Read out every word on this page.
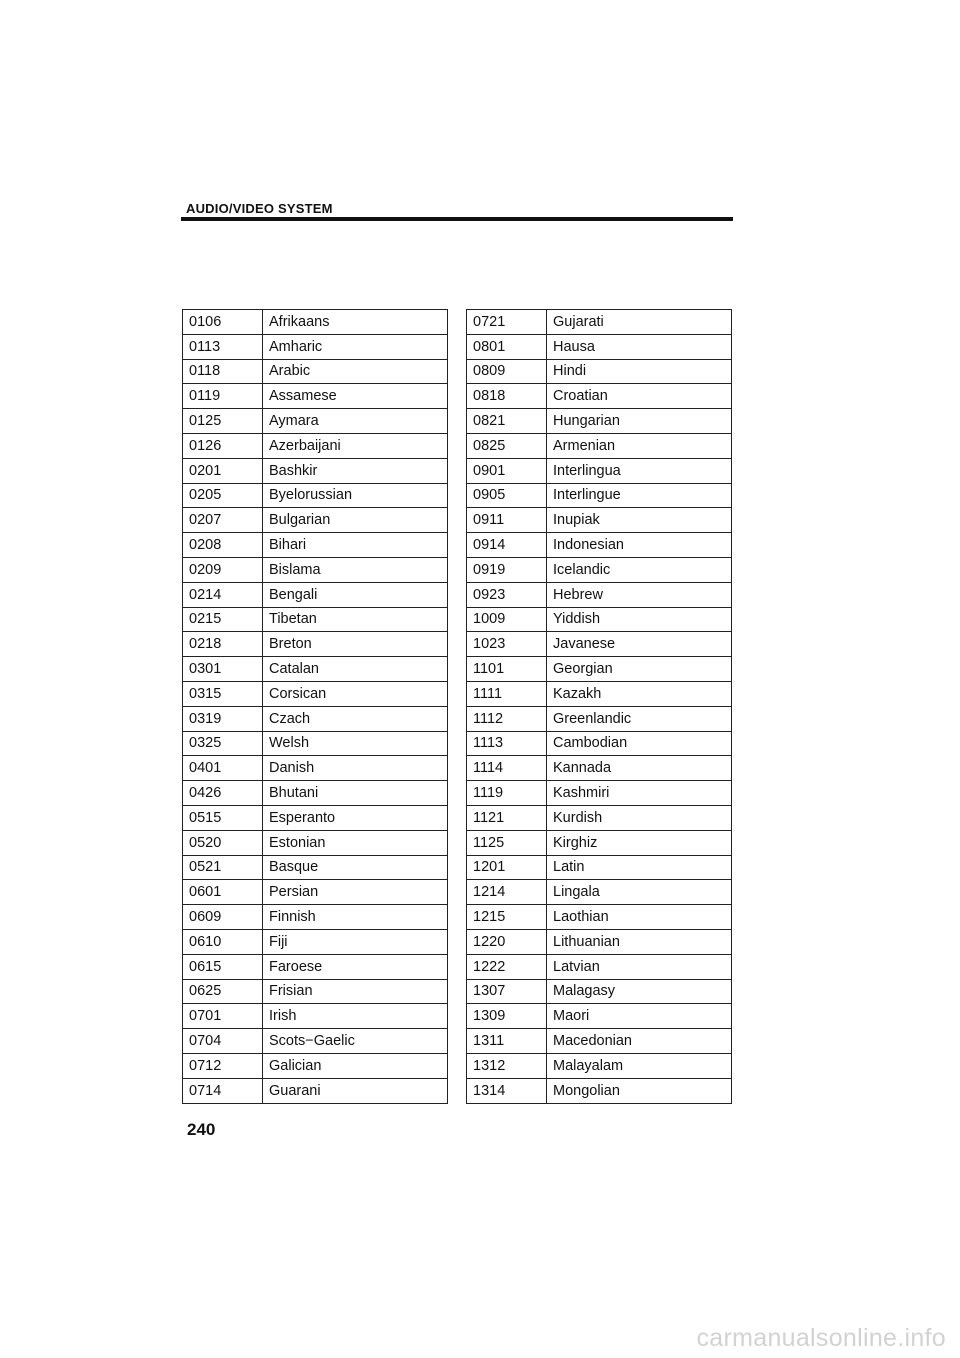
AUDIO/VIDEO SYSTEM
0106	Afrikaans
0113	Amharic
0118	Arabic
0119	Assamese
0125	Aymara
0126	Azerbaijani
0201	Bashkir
0205	Byelorussian
0207	Bulgarian
0208	Bihari
0209	Bislama
0214	Bengali
0215	Tibetan
0218	Breton
0301	Catalan
0315	Corsican
0319	Czach
0325	Welsh
0401	Danish
0426	Bhutani
0515	Esperanto
0520	Estonian
0521	Basque
0601	Persian
0609	Finnish
0610	Fiji
0615	Faroese
0625	Frisian
0701	Irish
0704	Scots−Gaelic
0712	Galician
0714	Guarani
0721	Gujarati
0801	Hausa
0809	Hindi
0818	Croatian
0821	Hungarian
0825	Armenian
0901	Interlingua
0905	Interlingue
0911	Inupiak
0914	Indonesian
0919	Icelandic
0923	Hebrew
1009	Yiddish
1023	Javanese
1101	Georgian
1111	Kazakh
1112	Greenlandic
1113	Cambodian
1114	Kannada
1119	Kashmiri
1121	Kurdish
1125	Kirghiz
1201	Latin
1214	Lingala
1215	Laothian
1220	Lithuanian
1222	Latvian
1307	Malagasy
1309	Maori
1311	Macedonian
1312	Malayalam
1314	Mongolian
240
carmanualsonline.info
